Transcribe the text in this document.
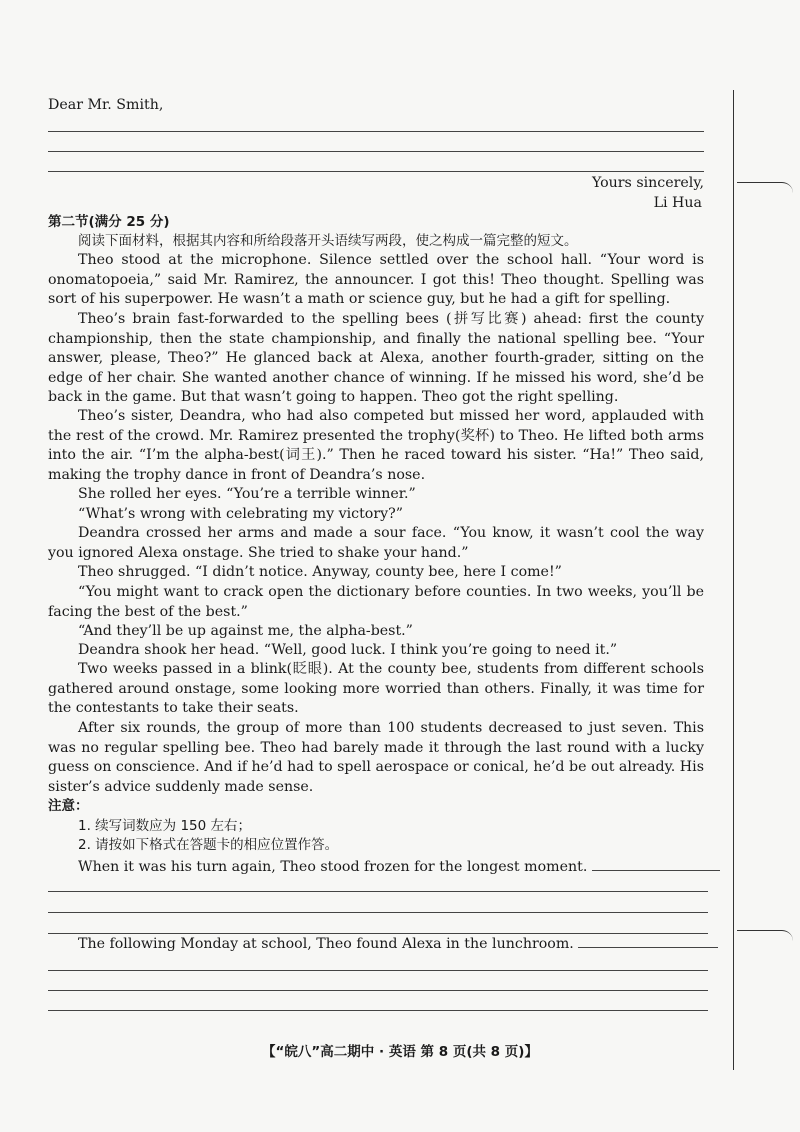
Dear Mr. Smith,
Yours sincerely,
Li Hua
第二节(满分 25 分)
阅读下面材料，根据其内容和所给段落开头语续写两段，使之构成一篇完整的短文。
Theo stood at the microphone. Silence settled over the school hall. “Your word is onomatopoeia,” said Mr. Ramirez, the announcer. I got this! Theo thought. Spelling was sort of his superpower. He wasn’t a math or science guy, but he had a gift for spelling.
Theo’s brain fast-forwarded to the spelling bees (拼写比赛) ahead: first the county championship, then the state championship, and finally the national spelling bee. “Your answer, please, Theo?” He glanced back at Alexa, another fourth-grader, sitting on the edge of her chair. She wanted another chance of winning. If he missed his word, she’d be back in the game. But that wasn’t going to happen. Theo got the right spelling.
Theo’s sister, Deandra, who had also competed but missed her word, applauded with the rest of the crowd. Mr. Ramirez presented the trophy(奖杯) to Theo. He lifted both arms into the air. “I’m the alpha-best(词王).” Then he raced toward his sister. “Ha!” Theo said, making the trophy dance in front of Deandra’s nose.
She rolled her eyes. “You’re a terrible winner.”
“What’s wrong with celebrating my victory?”
Deandra crossed her arms and made a sour face. “You know, it wasn’t cool the way you ignored Alexa onstage. She tried to shake your hand.”
Theo shrugged. “I didn’t notice. Anyway, county bee, here I come!”
“You might want to crack open the dictionary before counties. In two weeks, you’ll be facing the best of the best.”
“And they’ll be up against me, the alpha-best.”
Deandra shook her head. “Well, good luck. I think you’re going to need it.”
Two weeks passed in a blink(眨眼). At the county bee, students from different schools gathered around onstage, some looking more worried than others. Finally, it was time for the contestants to take their seats.
After six rounds, the group of more than 100 students decreased to just seven. This was no regular spelling bee. Theo had barely made it through the last round with a lucky guess on conscience. And if he’d had to spell aerospace or conical, he’d be out already. His sister’s advice suddenly made sense.
注意：
1. 续写词数应为 150 左右；
2. 请按如下格式在答题卡的相应位置作答。
When it was his turn again, Theo stood frozen for the longest moment.
The following Monday at school, Theo found Alexa in the lunchroom.
【“皖八”高二期中 · 英语 第 8 页(共 8 页)】
